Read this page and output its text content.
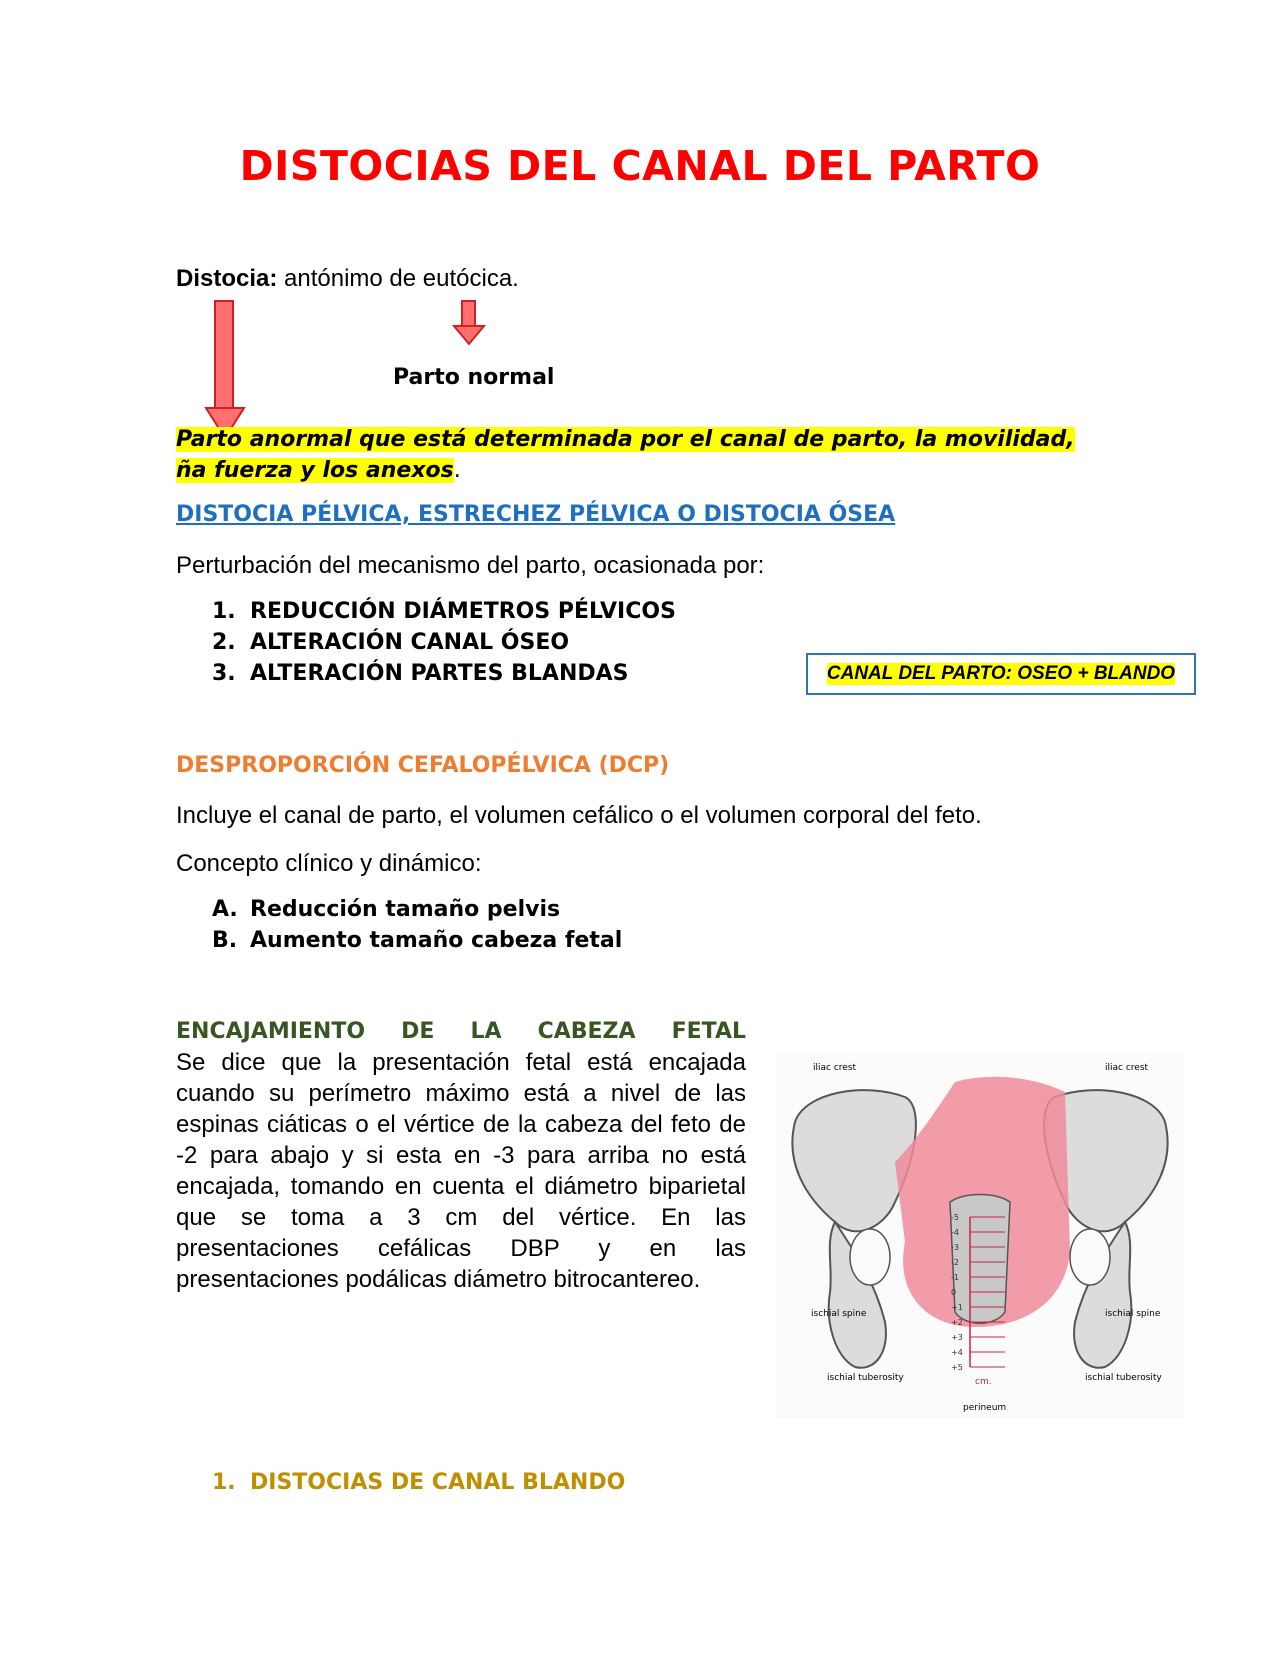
DISTOCIAS DEL CANAL DEL PARTO
Distocia: antónimo de eutócica.
Parto normal
Parto anormal que está determinada por el canal de parto, la movilidad, ña fuerza y los anexos.
DISTOCIA PÉLVICA, ESTRECHEZ PÉLVICA O DISTOCIA ÓSEA
Perturbación del mecanismo del parto, ocasionada por:
1. REDUCCIÓN DIÁMETROS PÉLVICOS
2. ALTERACIÓN CANAL ÓSEO
3. ALTERACIÓN PARTES BLANDAS	CANAL DEL PARTO: OSEO + BLANDO
DESPROPORCIÓN CEFALOPÉLVICA (DCP)
Incluye el canal de parto, el volumen cefálico o el volumen corporal del feto.
Concepto clínico y dinámico:
A. Reducción tamaño pelvis
B. Aumento tamaño cabeza fetal
ENCAJAMIENTO DE LA CABEZA FETAL
Se dice que la presentación fetal está encajada cuando su perímetro máximo está a nivel de las espinas ciáticas o el vértice de la cabeza del feto de -2 para abajo y si esta en -3 para arriba no está encajada, tomando en cuenta el diámetro biparietal que se toma a 3 cm del vértice. En las presentaciones cefálicas DBP y en las presentaciones podálicas diámetro bitrocantereo.
-5
-4
-3
-2
-1
0
+1
+2
+3
+4
+5
iliac crest	iliac crest
ischial spine	ischial spine
ischial tuberosity	ischial tuberosity
perineum
cm.
1. DISTOCIAS DE CANAL BLANDO
